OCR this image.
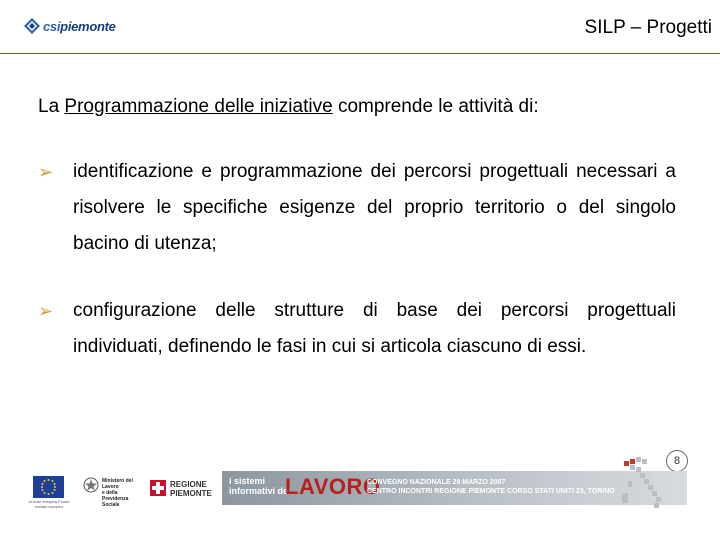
csipiemonte	SILP – Progetti
La Programmazione delle iniziative comprende le attività di:
➢ identificazione e programmazione dei percorsi progettuali necessari a risolvere le specifiche esigenze del proprio territorio o del singolo bacino di utenza;
➢ configurazione delle strutture di base dei percorsi progettuali individuati, definendo le fasi in cui si articola ciascuno di essi.
8
Unione europea Fondo sociale europeo
Ministero del Lavoro
e della Previdenza Sociale
REGIONE
PIEMONTE
i sistemi
informativi del
LAVORO
CONVEGNO NAZIONALE 29 MARZO 2007
CENTRO INCONTRI REGIONE PIEMONTE CORSO STATI UNITI 23, TORINO
